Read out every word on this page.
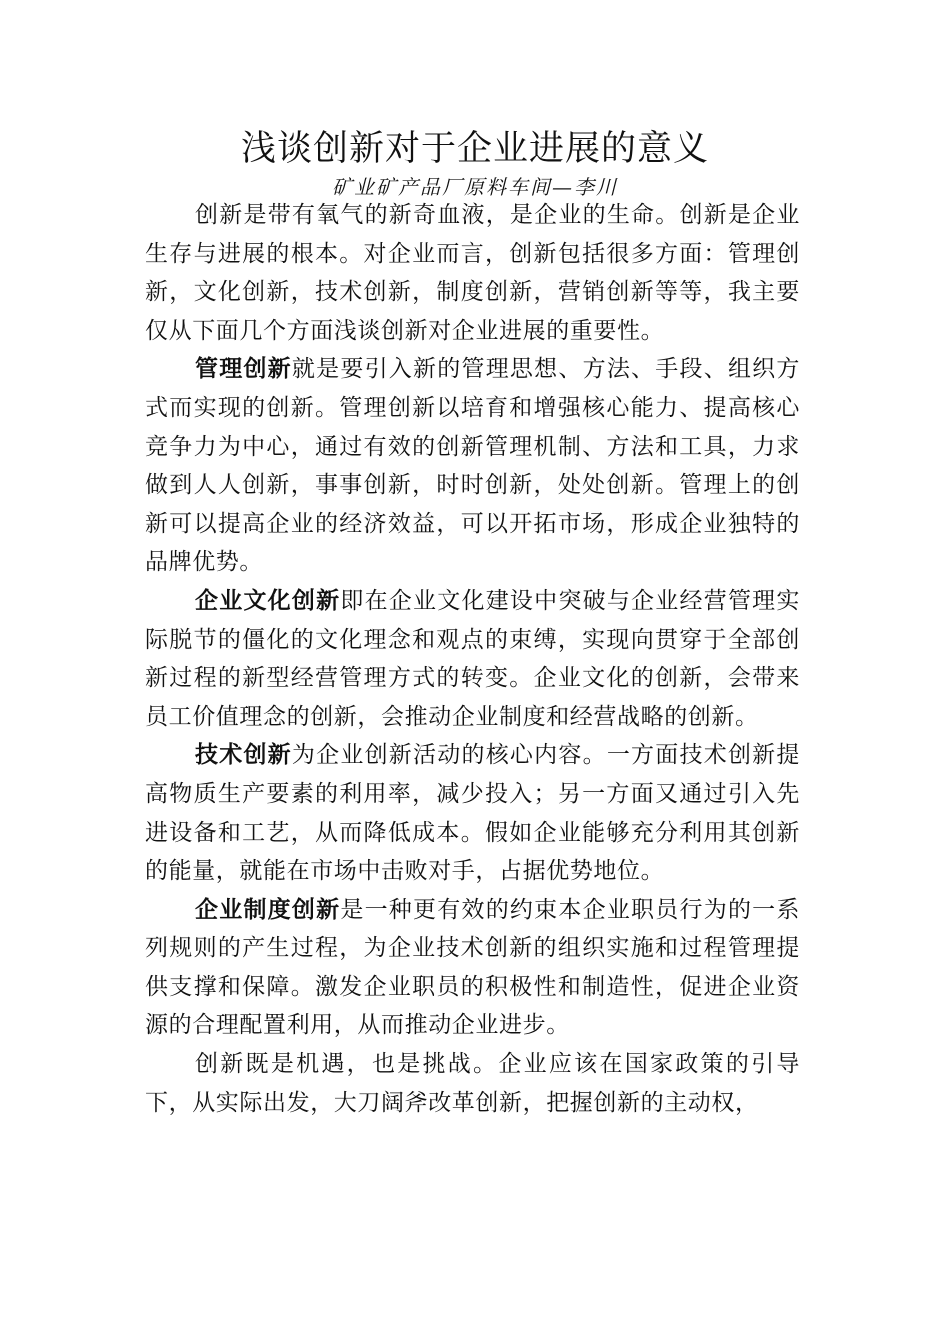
浅谈创新对于企业进展的意义

矿业矿产品厂原料车间—李川

创新是带有氧气的新奇血液，是企业的生命。创新是企业生存与进展的根本。对企业而言，创新包括很多方面：管理创新，文化创新，技术创新，制度创新，营销创新等等，我主要仅从下面几个方面浅谈创新对企业进展的重要性。

管理创新就是要引入新的管理思想、方法、手段、组织方式而实现的创新。管理创新以培育和增强核心能力、提高核心竞争力为中心，通过有效的创新管理机制、方法和工具，力求做到人人创新，事事创新，时时创新，处处创新。管理上的创新可以提高企业的经济效益，可以开拓市场，形成企业独特的品牌优势。

企业文化创新即在企业文化建设中突破与企业经营管理实际脱节的僵化的文化理念和观点的束缚，实现向贯穿于全部创新过程的新型经营管理方式的转变。企业文化的创新，会带来员工价值理念的创新，会推动企业制度和经营战略的创新。

技术创新为企业创新活动的核心内容。一方面技术创新提高物质生产要素的利用率，减少投入；另一方面又通过引入先进设备和工艺，从而降低成本。假如企业能够充分利用其创新的能量，就能在市场中击败对手，占据优势地位。

企业制度创新是一种更有效的约束本企业职员行为的一系列规则的产生过程，为企业技术创新的组织实施和过程管理提供支撑和保障。激发企业职员的积极性和制造性，促进企业资源的合理配置利用，从而推动企业进步。

创新既是机遇，也是挑战。企业应该在国家政策的引导下，从实际出发，大刀阔斧改革创新，把握创新的主动权，
